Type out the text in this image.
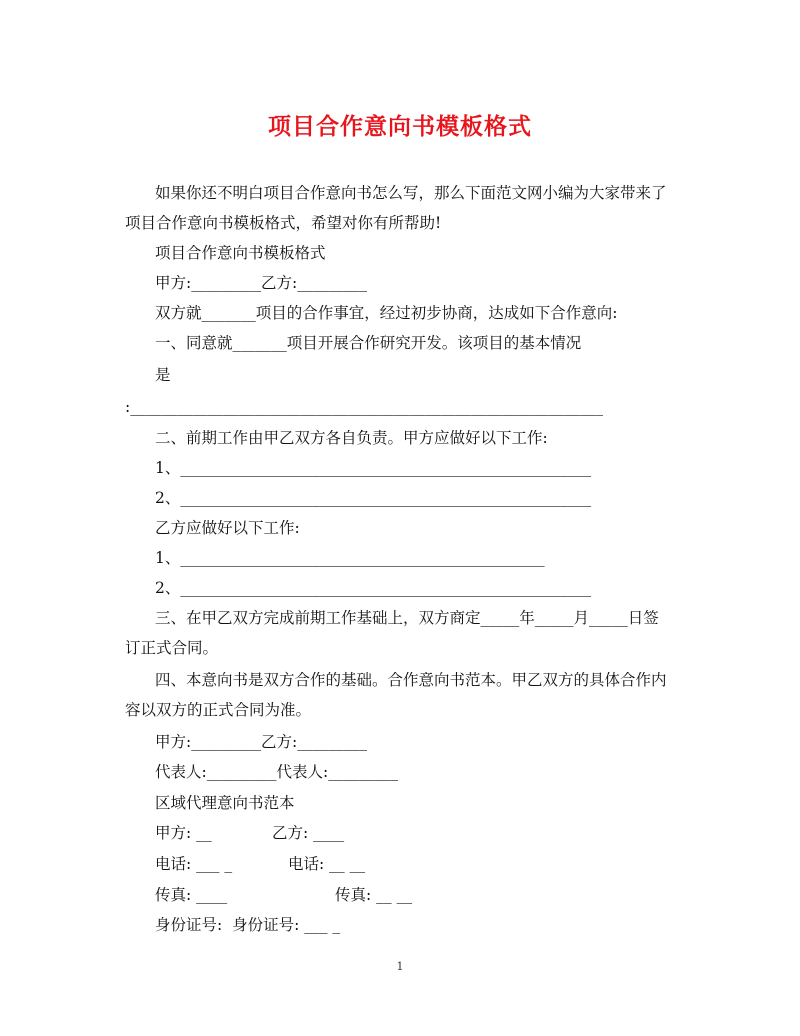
项目合作意向书模板格式
如果你还不明白项目合作意向书怎么写，那么下面范文网小编为大家带来了
项目合作意向书模板格式，希望对你有所帮助!
项目合作意向书模板格式
甲方:_________乙方:_________
双方就_______项目的合作事宜，经过初步协商，达成如下合作意向:
一、同意就_______项目开展合作研究开发。该项目的基本情况
是
:_____________________________________________________________
二、前期工作由甲乙双方各自负责。甲方应做好以下工作:
1、_____________________________________________________
2、_____________________________________________________
乙方应做好以下工作:
1、_______________________________________________
2、_____________________________________________________
三、在甲乙双方完成前期工作基础上，双方商定_____年_____月_____日签
订正式合同。
四、本意向书是双方合作的基础。合作意向书范本。甲乙双方的具体合作内
容以双方的正式合同为准。
甲方:_________乙方:_________
代表人:_________代表人:_________
区域代理意向书范本
甲方: __	乙方: ____
电话: ___ _	电话: __ __
传真: ____	传真: __ __
身份证号:  身份证号: ___ _
1
